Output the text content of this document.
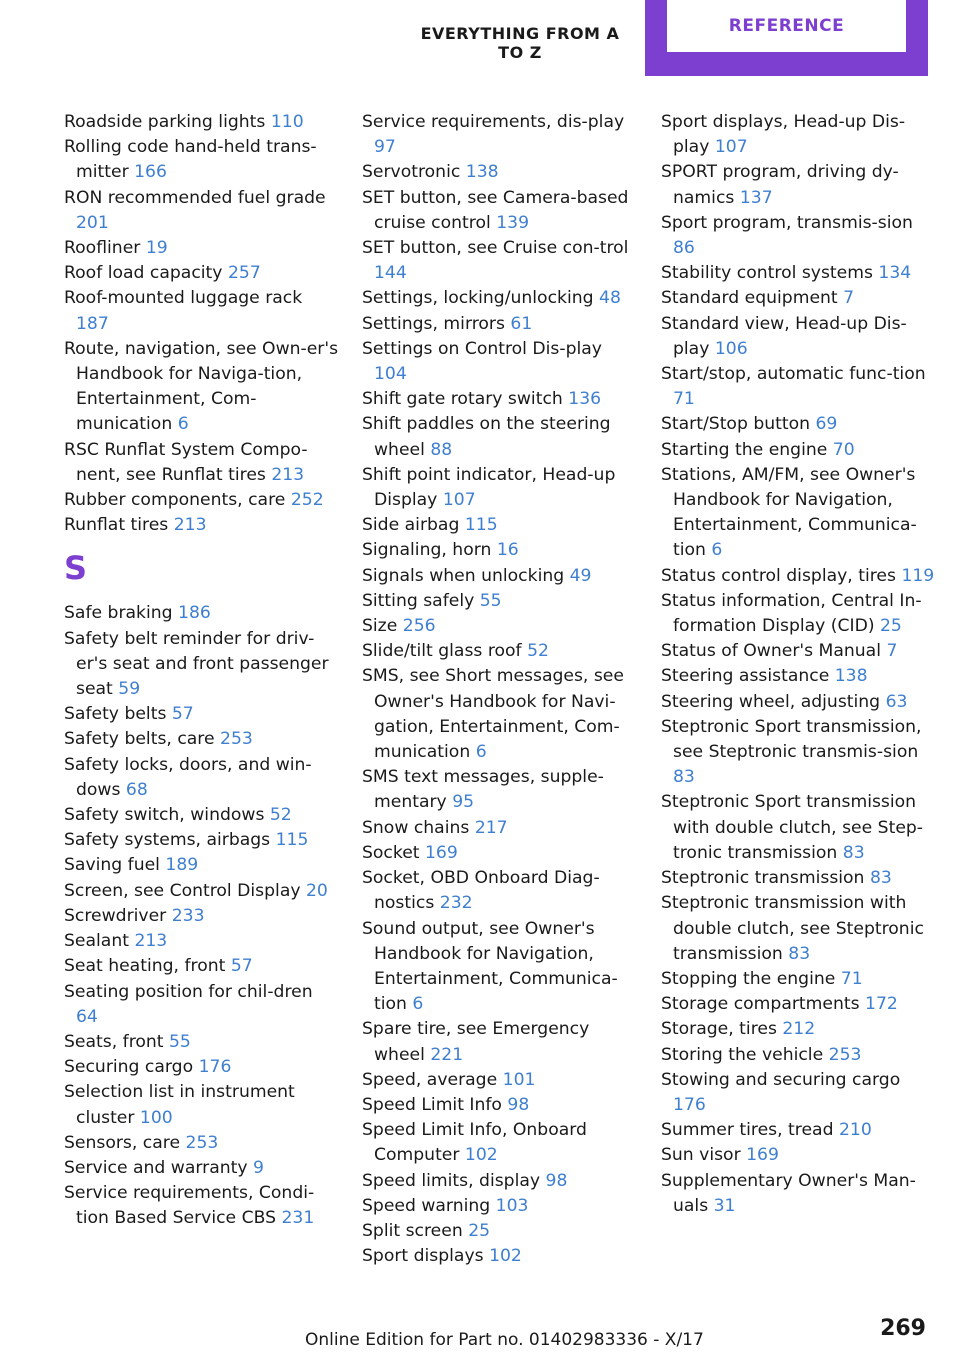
EVERYTHING FROM A TO Z
REFERENCE
Roadside parking lights 110
Rolling code hand-held trans-mitter 166
RON recommended fuel grade 201
Roofliner 19
Roof load capacity 257
Roof-mounted luggage rack 187
Route, navigation, see Own-er's Handbook for Naviga-tion, Entertainment, Com-munication 6
RSC Runflat System Compo-nent, see Runflat tires 213
Rubber components, care 252
Runflat tires 213
S
Safe braking 186
Safety belt reminder for driv-er's seat and front passenger seat 59
Safety belts 57
Safety belts, care 253
Safety locks, doors, and win-dows 68
Safety switch, windows 52
Safety systems, airbags 115
Saving fuel 189
Screen, see Control Display 20
Screwdriver 233
Sealant 213
Seat heating, front 57
Seating position for chil-dren 64
Seats, front 55
Securing cargo 176
Selection list in instrument cluster 100
Sensors, care 253
Service and warranty 9
Service requirements, Condi-tion Based Service CBS 231
Service requirements, dis-play 97
Servotronic 138
SET button, see Camera-based cruise control 139
SET button, see Cruise con-trol 144
Settings, locking/unlocking 48
Settings, mirrors 61
Settings on Control Dis-play 104
Shift gate rotary switch 136
Shift paddles on the steering wheel 88
Shift point indicator, Head-up Display 107
Side airbag 115
Signaling, horn 16
Signals when unlocking 49
Sitting safely 55
Size 256
Slide/tilt glass roof 52
SMS, see Short messages, see Owner's Handbook for Navi-gation, Entertainment, Com-munication 6
SMS text messages, supple-mentary 95
Snow chains 217
Socket 169
Socket, OBD Onboard Diag-nostics 232
Sound output, see Owner's Handbook for Navigation, Entertainment, Communica-tion 6
Spare tire, see Emergency wheel 221
Speed, average 101
Speed Limit Info 98
Speed Limit Info, Onboard Computer 102
Speed limits, display 98
Speed warning 103
Split screen 25
Sport displays 102
Sport displays, Head-up Dis-play 107
SPORT program, driving dy-namics 137
Sport program, transmis-sion 86
Stability control systems 134
Standard equipment 7
Standard view, Head-up Dis-play 106
Start/stop, automatic func-tion 71
Start/Stop button 69
Starting the engine 70
Stations, AM/FM, see Owner's Handbook for Navigation, Entertainment, Communica-tion 6
Status control display, tires 119
Status information, Central In-formation Display (CID) 25
Status of Owner's Manual 7
Steering assistance 138
Steering wheel, adjusting 63
Steptronic Sport transmission, see Steptronic transmis-sion 83
Steptronic Sport transmission with double clutch, see Step-tronic transmission 83
Steptronic transmission 83
Steptronic transmission with double clutch, see Steptronic transmission 83
Stopping the engine 71
Storage compartments 172
Storage, tires 212
Storing the vehicle 253
Stowing and securing cargo 176
Summer tires, tread 210
Sun visor 169
Supplementary Owner's Man-uals 31
Online Edition for Part no. 01402983336 - X/17	269
